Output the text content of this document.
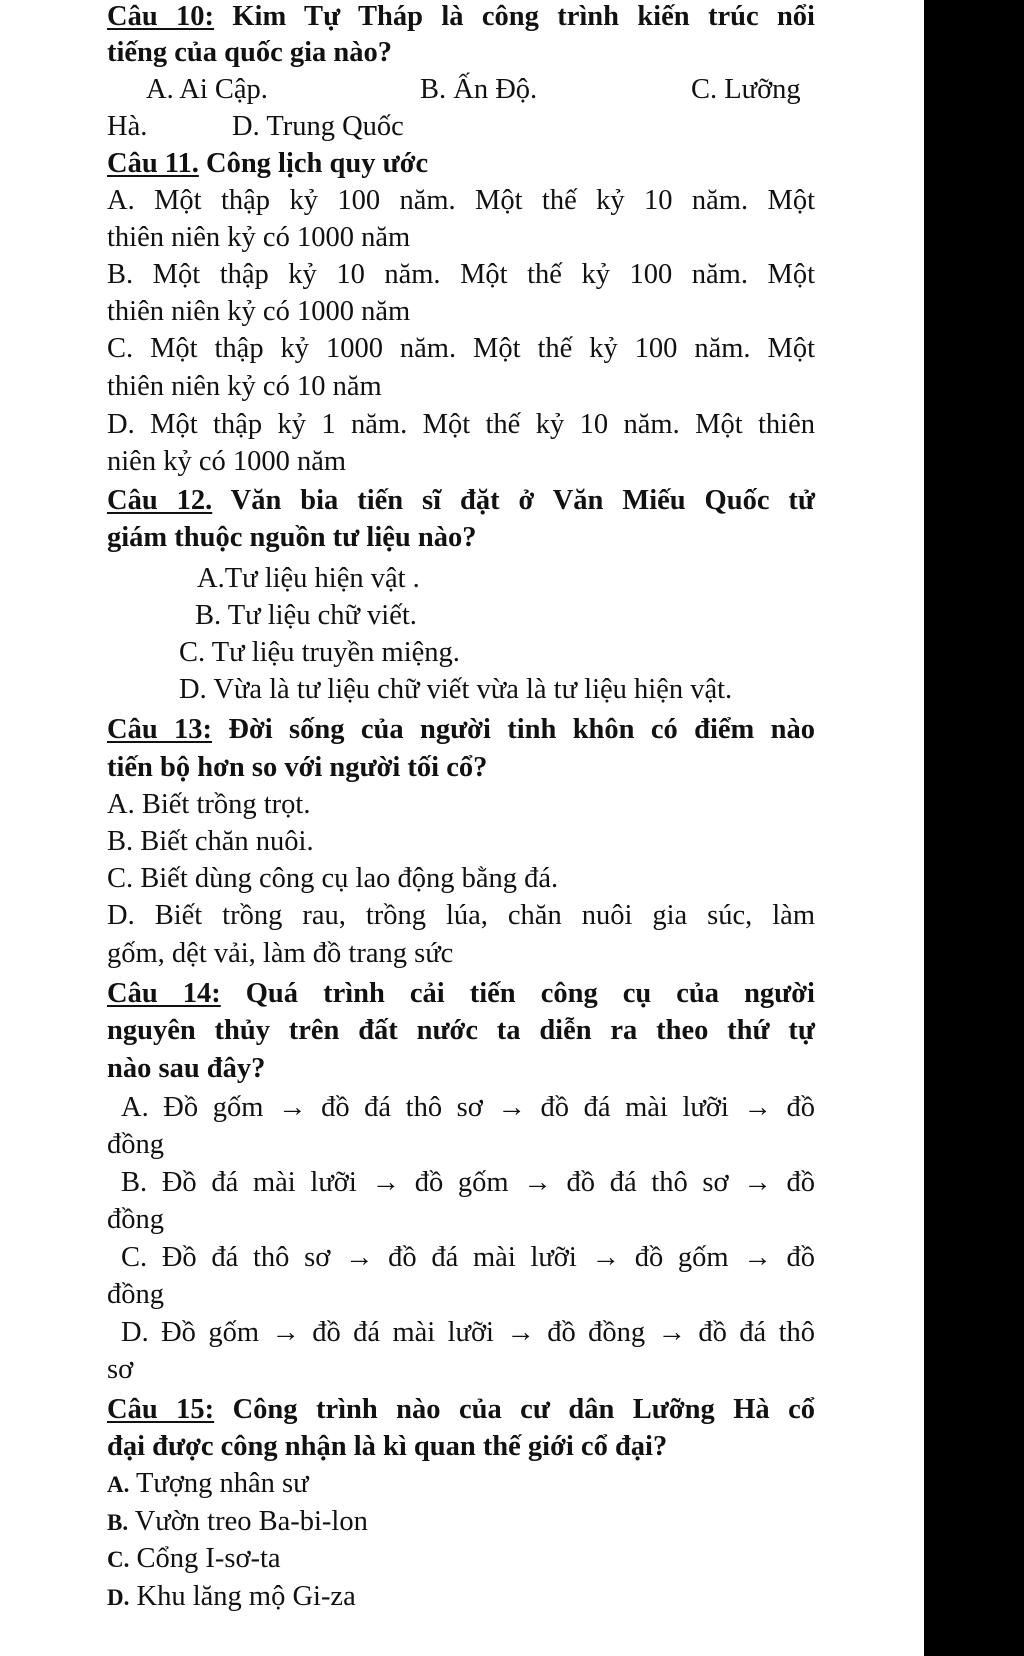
Câu 10: Kim Tự Tháp là công trình kiến trúc nổi
tiếng của quốc gia nào?
A. Ai Cập.	B. Ấn Độ.	C. Lưỡng
Hà.	D. Trung Quốc
Câu 11. Công lịch quy ước
A. Một thập kỷ 100 năm. Một thế kỷ 10 năm. Một
thiên niên kỷ có 1000 năm
B. Một thập kỷ 10 năm. Một thế kỷ 100 năm. Một
thiên niên kỷ có 1000 năm
C. Một thập kỷ 1000 năm. Một thế kỷ 100 năm. Một
thiên niên kỷ có 10 năm
D. Một thập kỷ 1 năm. Một thế kỷ 10 năm. Một thiên
niên kỷ có 1000 năm
Câu 12. Văn bia tiến sĩ đặt ở Văn Miếu Quốc tử
giám thuộc nguồn tư liệu nào?
A.Tư liệu hiện vật .
B. Tư liệu chữ viết.
C. Tư liệu truyền miệng.
D. Vừa là tư liệu chữ viết vừa là tư liệu hiện vật.
Câu 13: Đời sống của người tinh khôn có điểm nào
tiến bộ hơn so với người tối cổ?
A. Biết trồng trọt.
B. Biết chăn nuôi.
C. Biết dùng công cụ lao động bằng đá.
D. Biết trồng rau, trồng lúa, chăn nuôi gia súc, làm
gốm, dệt vải, làm đồ trang sức
Câu 14: Quá trình cải tiến công cụ của người
nguyên thủy trên đất nước ta diễn ra theo thứ tự
nào sau đây?
A. Đồ gốm → đồ đá thô sơ → đồ đá mài lưỡi → đồ
đồng
B. Đồ đá mài lưỡi → đồ gốm → đồ đá thô sơ → đồ
đồng
C. Đồ đá thô sơ → đồ đá mài lưỡi → đồ gốm → đồ
đồng
D. Đồ gốm → đồ đá mài lưỡi → đồ đồng → đồ đá thô
sơ
Câu 15: Công trình nào của cư dân Lưỡng Hà cổ
đại được công nhận là kì quan thế giới cổ đại?
A. Tượng nhân sư
B. Vườn treo Ba-bi-lon
C. Cổng I-sơ-ta
D. Khu lăng mộ Gi-za
